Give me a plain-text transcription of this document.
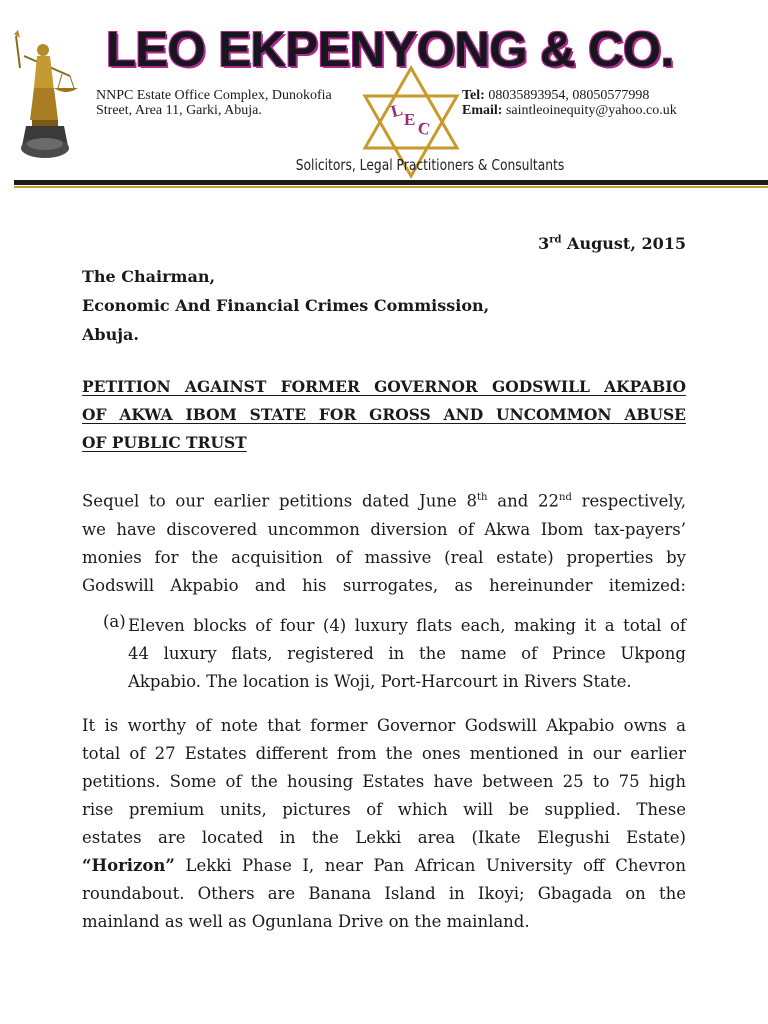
LEO EKPENYONG & CO.
NNPC Estate Office Complex, Dunokofia
Street, Area 11, Garki, Abuja.	L E C
Tel: 08035893954, 08050577998
Email: saintleoinequity@yahoo.co.uk
Solicitors, Legal Practitioners & Consultants
3rd August, 2015
The Chairman,
Economic And Financial Crimes Commission,
Abuja.
PETITION AGAINST FORMER GOVERNOR GODSWILL AKPABIO
OF AKWA IBOM STATE FOR GROSS AND UNCOMMON ABUSE
OF PUBLIC TRUST
Sequel to our earlier petitions dated June 8th and 22nd respectively,
we have discovered uncommon diversion of Akwa Ibom tax-payers’
monies for the acquisition of massive (real estate) properties by
Godswill Akpabio and his surrogates, as hereinunder itemized:
(a) Eleven blocks of four (4) luxury flats each, making it a total of
44 luxury flats, registered in the name of Prince Ukpong
Akpabio. The location is Woji, Port-Harcourt in Rivers State.
It is worthy of note that former Governor Godswill Akpabio owns a
total of 27 Estates different from the ones mentioned in our earlier
petitions. Some of the housing Estates have between 25 to 75 high
rise premium units, pictures of which will be supplied. These
estates are located in the Lekki area (Ikate Elegushi Estate)
“Horizon” Lekki Phase I, near Pan African University off Chevron
roundabout. Others are Banana Island in Ikoyi; Gbagada on the
mainland as well as Ogunlana Drive on the mainland.
